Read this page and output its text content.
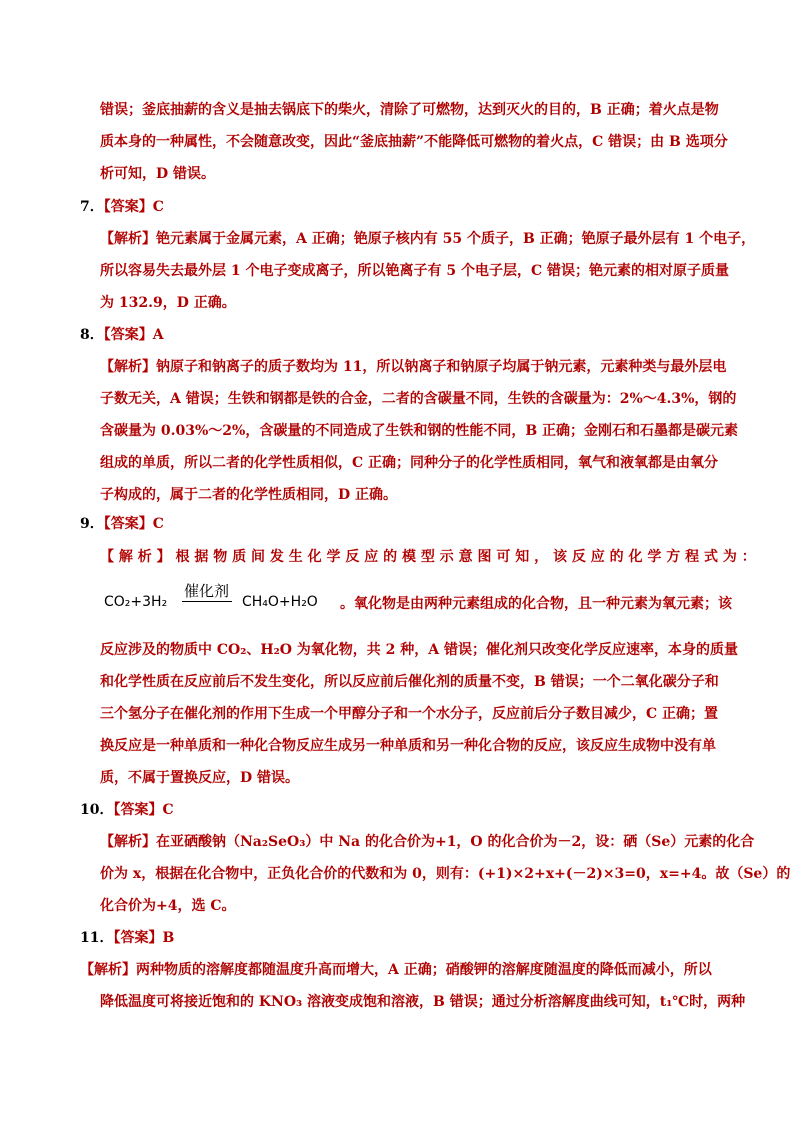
错误；釜底抽薪的含义是抽去锅底下的柴火，清除了可燃物，达到灭火的目的，B 正确；着火点是物
质本身的一种属性，不会随意改变，因此“釜底抽薪”不能降低可燃物的着火点，C 错误；由 B 选项分
析可知，D 错误。
7．【答案】C
【解析】铯元素属于金属元素，A 正确；铯原子核内有 55 个质子，B 正确；铯原子最外层有 1 个电子，
所以容易失去最外层 1 个电子变成离子，所以铯离子有 5 个电子层，C 错误；铯元素的相对原子质量
为 132.9，D 正确。
8．【答案】A
【解析】钠原子和钠离子的质子数均为 11，所以钠离子和钠原子均属于钠元素，元素种类与最外层电
子数无关，A 错误；生铁和钢都是铁的合金，二者的含碳量不同，生铁的含碳量为：2%～4.3%，钢的
含碳量为 0.03%～2%，含碳量的不同造成了生铁和钢的性能不同，B 正确；金刚石和石墨都是碳元素
组成的单质，所以二者的化学性质相似，C 正确；同种分子的化学性质相同，氧气和液氧都是由氧分
子构成的，属于二者的化学性质相同，D 正确。
9．【答案】C
【 解 析 】 根 据 物 质 间 发 生 化 学 反 应 的 模 型 示 意 图 可 知 ， 该 反 应 的 化 学 方 程 式 为 ：
CO₂+3H₂
催化剂
CH₄O+H₂O 。氧化物是由两种元素组成的化合物，且一种元素为氧元素；该
反应涉及的物质中 CO₂、H₂O 为氧化物，共 2 种，A 错误；催化剂只改变化学反应速率，本身的质量
和化学性质在反应前后不发生变化，所以反应前后催化剂的质量不变，B 错误；一个二氧化碳分子和
三个氢分子在催化剂的作用下生成一个甲醇分子和一个水分子，反应前后分子数目减少，C 正确；置
换反应是一种单质和一种化合物反应生成另一种单质和另一种化合物的反应，该反应生成物中没有单
质，不属于置换反应，D 错误。
10．【答案】C
【解析】在亚硒酸钠（Na₂SeO₃）中 Na 的化合价为+1，O 的化合价为－2，设：硒（Se）元素的化合
价为 x，根据在化合物中，正负化合价的代数和为 0，则有：(+1)×2+x+(－2)×3=0，x=+4。故（Se）的
化合价为+4，选 C。
11．【答案】B
【解析】两种物质的溶解度都随温度升高而增大，A 正确；硝酸钾的溶解度随温度的降低而减小，所以
降低温度可将接近饱和的 KNO₃ 溶液变成饱和溶液，B 错误；通过分析溶解度曲线可知，t₁℃时，两种
